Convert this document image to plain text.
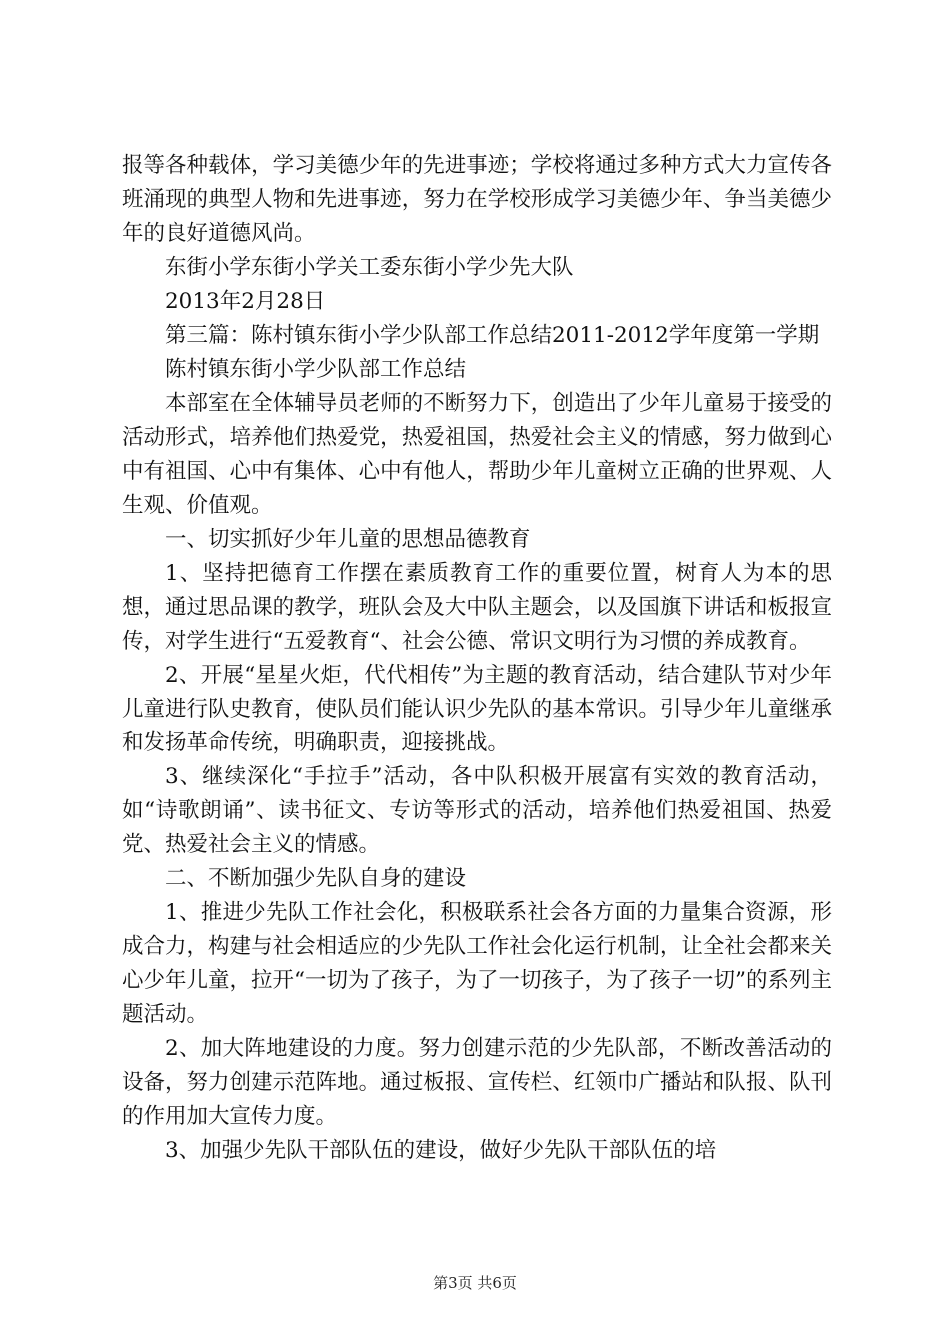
报等各种载体，学习美德少年的先进事迹；学校将通过多种方式大力宣传各班涌现的典型人物和先进事迹，努力在学校形成学习美德少年、争当美德少年的良好道德风尚。

东街小学东街小学关工委东街小学少先大队

2013年2月28日

第三篇：陈村镇东街小学少队部工作总结2011-2012学年度第一学期

陈村镇东街小学少队部工作总结

本部室在全体辅导员老师的不断努力下，创造出了少年儿童易于接受的活动形式，培养他们热爱党，热爱祖国，热爱社会主义的情感，努力做到心中有祖国、心中有集体、心中有他人，帮助少年儿童树立正确的世界观、人生观、价值观。

一、切实抓好少年儿童的思想品德教育

1、坚持把德育工作摆在素质教育工作的重要位置，树育人为本的思想，通过思品课的教学，班队会及大中队主题会，以及国旗下讲话和板报宣传，对学生进行“五爱教育“、社会公德、常识文明行为习惯的养成教育。

2、开展“星星火炬，代代相传”为主题的教育活动，结合建队节对少年儿童进行队史教育，使队员们能认识少先队的基本常识。引导少年儿童继承和发扬革命传统，明确职责，迎接挑战。

3、继续深化“手拉手”活动，各中队积极开展富有实效的教育活动，如“诗歌朗诵”、读书征文、专访等形式的活动，培养他们热爱祖国、热爱党、热爱社会主义的情感。

二、不断加强少先队自身的建设

1、推进少先队工作社会化，积极联系社会各方面的力量集合资源，形成合力，构建与社会相适应的少先队工作社会化运行机制，让全社会都来关心少年儿童，拉开“一切为了孩子，为了一切孩子，为了孩子一切”的系列主题活动。

2、加大阵地建设的力度。努力创建示范的少先队部，不断改善活动的设备，努力创建示范阵地。通过板报、宣传栏、红领巾广播站和队报、队刊的作用加大宣传力度。

3、加强少先队干部队伍的建设，做好少先队干部队伍的培

第3页 共6页
